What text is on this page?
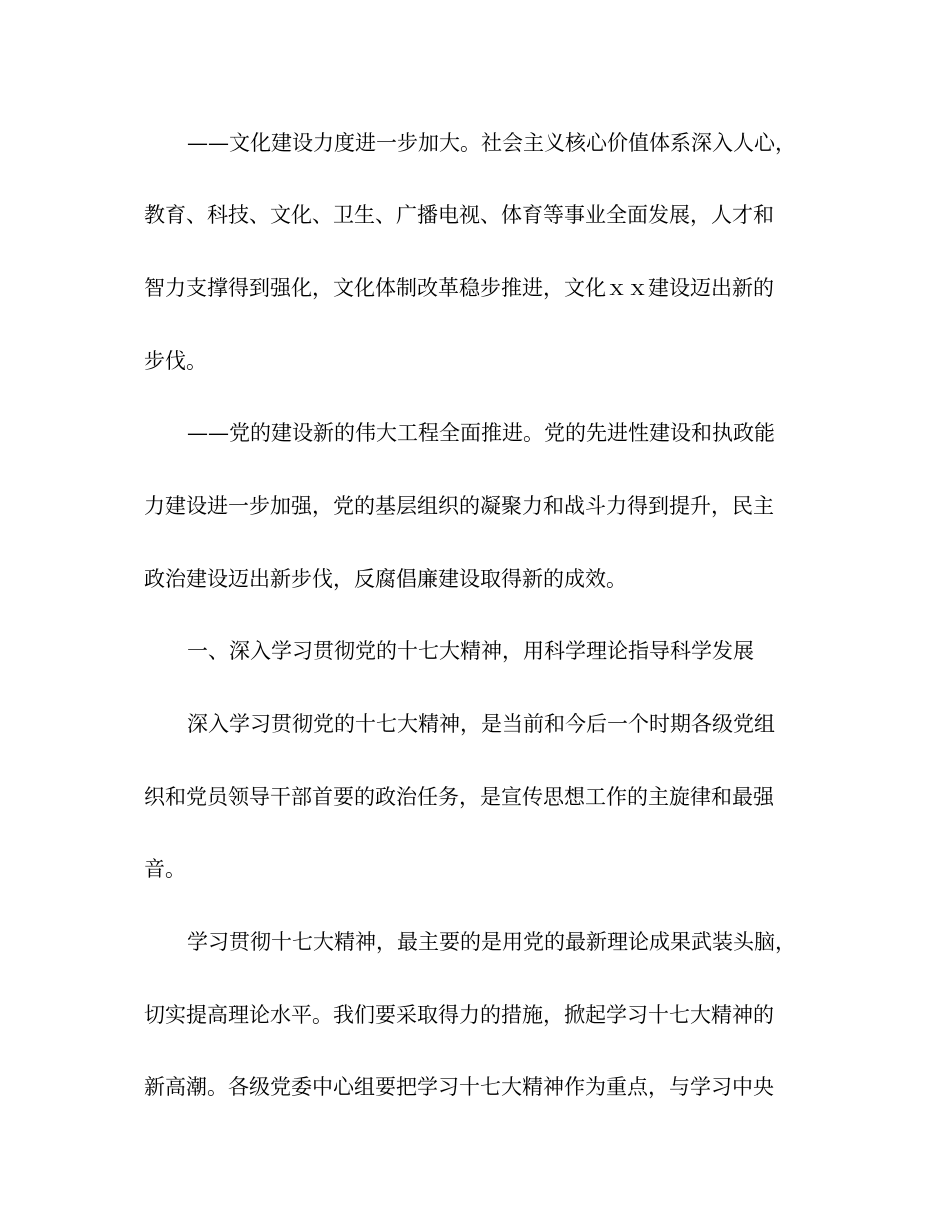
——文化建设力度进一步加大。社会主义核心价值体系深入人心，

教育、科技、文化、卫生、广播电视、体育等事业全面发展，人才和

智力支撑得到强化，文化体制改革稳步推进，文化ｘｘ建设迈出新的

步伐。

——党的建设新的伟大工程全面推进。党的先进性建设和执政能

力建设进一步加强，党的基层组织的凝聚力和战斗力得到提升，民主

政治建设迈出新步伐，反腐倡廉建设取得新的成效。

一、深入学习贯彻党的十七大精神，用科学理论指导科学发展

深入学习贯彻党的十七大精神，是当前和今后一个时期各级党组

织和党员领导干部首要的政治任务，是宣传思想工作的主旋律和最强

音。

学习贯彻十七大精神，最主要的是用党的最新理论成果武装头脑，

切实提高理论水平。我们要采取得力的措施，掀起学习十七大精神的

新高潮。各级党委中心组要把学习十七大精神作为重点，与学习中央
